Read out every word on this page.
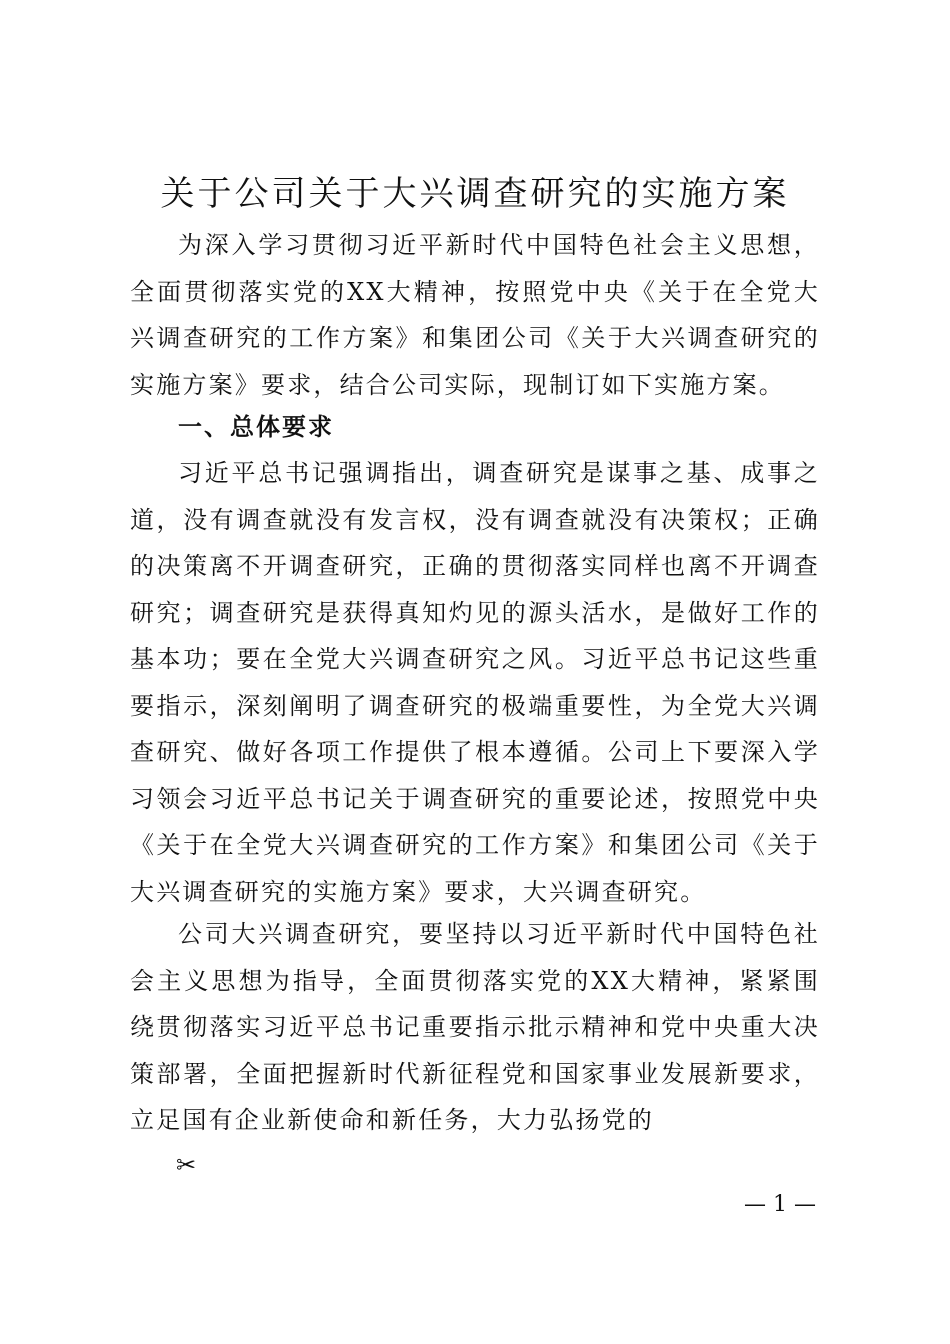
关于公司关于大兴调查研究的实施方案

为深入学习贯彻习近平新时代中国特色社会主义思想，全面贯彻落实党的XX大精神，按照党中央《关于在全党大兴调查研究的工作方案》和集团公司《关于大兴调查研究的实施方案》要求，结合公司实际，现制订如下实施方案。

一、总体要求

习近平总书记强调指出，调查研究是谋事之基、成事之道，没有调查就没有发言权，没有调查就没有决策权；正确的决策离不开调查研究，正确的贯彻落实同样也离不开调查研究；调查研究是获得真知灼见的源头活水，是做好工作的基本功；要在全党大兴调查研究之风。习近平总书记这些重要指示，深刻阐明了调查研究的极端重要性，为全党大兴调查研究、做好各项工作提供了根本遵循。公司上下要深入学习领会习近平总书记关于调查研究的重要论述，按照党中央《关于在全党大兴调查研究的工作方案》和集团公司《关于大兴调查研究的实施方案》要求，大兴调查研究。

公司大兴调查研究，要坚持以习近平新时代中国特色社会主义思想为指导，全面贯彻落实党的XX大精神，紧紧围绕贯彻落实习近平总书记重要指示批示精神和党中央重大决策部署，全面把握新时代新征程党和国家事业发展新要求，立足国有企业新使命和新任务，大力弘扬党的

✂
— 1 —
